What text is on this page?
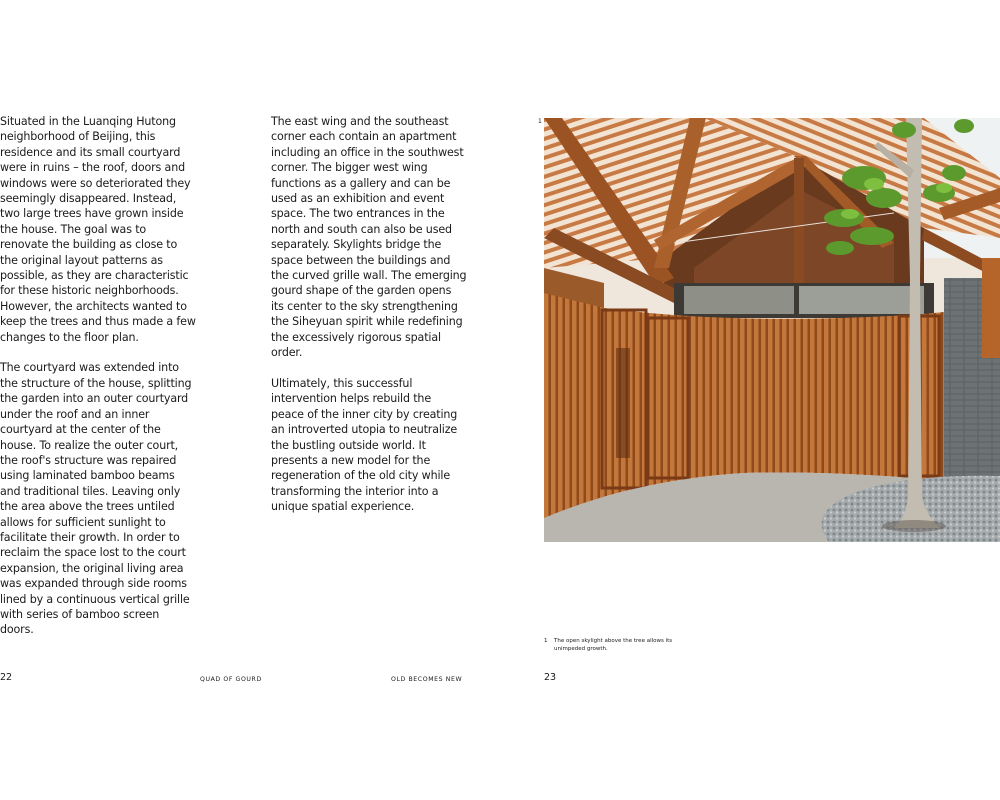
Situated in the Luanqing Hutong neighborhood of Beijing, this residence and its small courtyard were in ruins – the roof, doors and windows were so deteriorated they seemingly disappeared. Instead, two large trees have grown inside the house. The goal was to renovate the building as close to the original layout patterns as possible, as they are characteristic for these historic neighborhoods. However, the architects wanted to keep the trees and thus made a few changes to the floor plan.

The courtyard was extended into the structure of the house, splitting the garden into an outer courtyard under the roof and an inner courtyard at the center of the house. To realize the outer court, the roof's structure was repaired using laminated bamboo beams and traditional tiles. Leaving only the area above the trees untiled allows for sufficient sunlight to facilitate their growth. In order to reclaim the space lost to the court expansion, the original living area was expanded through side rooms lined by a continuous vertical grille with series of bamboo screen doors.

The east wing and the southeast corner each contain an apartment including an office in the southwest corner. The bigger west wing functions as a gallery and can be used as an exhibition and event space. The two entrances in the north and south can also be used separately. Skylights bridge the space between the buildings and the curved grille wall. The emerging gourd shape of the garden opens its center to the sky strengthening the Siheyuan spirit while redefining the excessively rigorous spatial order.

Ultimately, this successful intervention helps rebuild the peace of the inner city by creating an introverted utopia to neutralize the bustling outside world. It presents a new model for the regeneration of the old city while transforming the interior into a unique spatial experience.

1
1 The open skylight above the tree allows its unimpeded growth.
22	QUAD OF GOURD	OLD BECOMES NEW	23
